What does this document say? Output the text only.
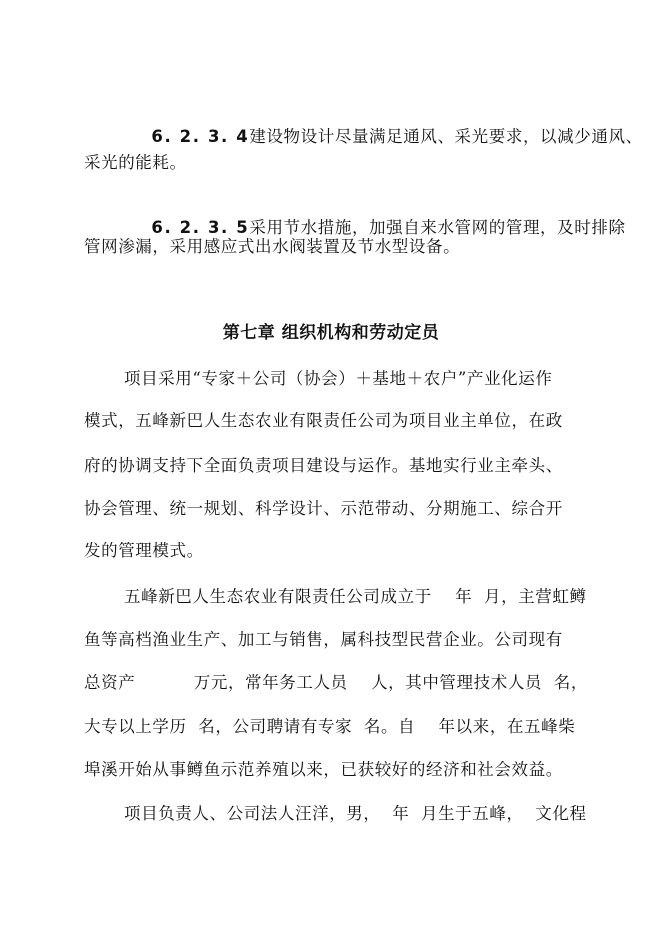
6. 2. 3. 4建设物设计尽量满足通风、采光要求，以减少通风、

采光的能耗。

6. 2. 3. 5采用节水措施，加强自来水管网的管理，及时排除

管网渗漏，采用感应式出水阀装置及节水型设备。
第七章 组织机构和劳动定员
项目采用“专家＋公司（协会）＋基地＋农户”产业化运作
模式，五峰新巴人生态农业有限责任公司为项目业主单位，在政
府的协调支持下全面负责项目建设与运作。基地实行业主牵头、
协会管理、统一规划、科学设计、示范带动、分期施工、综合开
发的管理模式。
五峰新巴人生态农业有限责任公司成立于    年  月，主营虹鳟
鱼等高档渔业生产、加工与销售，属科技型民营企业。公司现有
总资产          万元，常年务工人员    人，其中管理技术人员  名，
大专以上学历  名，公司聘请有专家  名。自    年以来，在五峰柴
埠溪开始从事鳟鱼示范养殖以来，已获较好的经济和社会效益。
项目负责人、公司法人汪洋，男，  年  月生于五峰，  文化程
